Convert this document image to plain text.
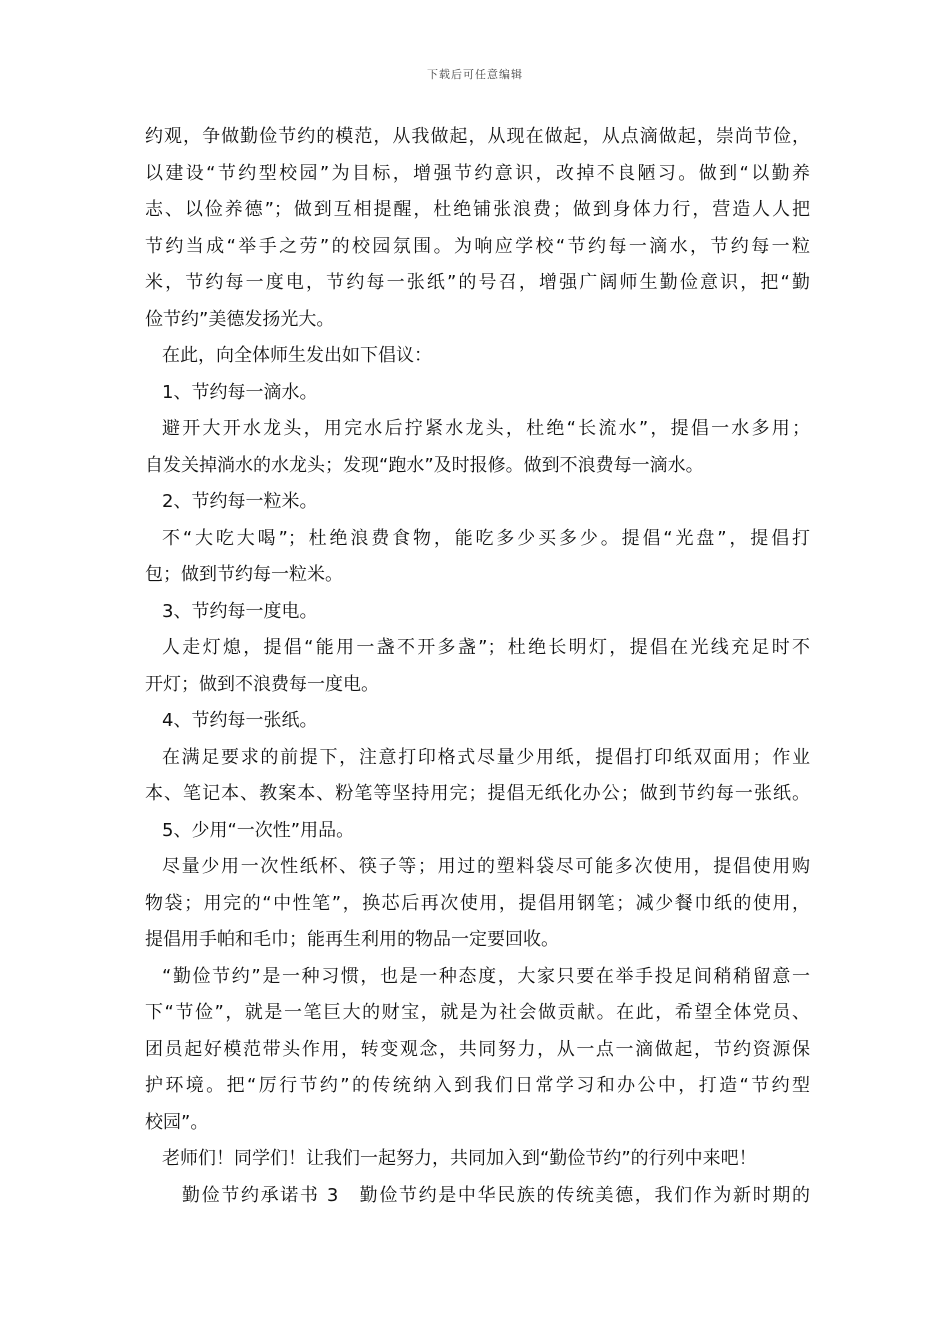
下载后可任意编辑
约观，争做勤俭节约的模范，从我做起，从现在做起，从点滴做起，崇尚节俭，
以建设“节约型校园”为目标，增强节约意识，改掉不良陋习。做到“以勤养
志、以俭养德”；做到互相提醒，杜绝铺张浪费；做到身体力行，营造人人把
节约当成“举手之劳”的校园氛围。为响应学校“节约每一滴水，节约每一粒
米，节约每一度电，节约每一张纸”的号召，增强广阔师生勤俭意识，把“勤
俭节约”美德发扬光大。
在此，向全体师生发出如下倡议：
1、节约每一滴水。
避开大开水龙头，用完水后拧紧水龙头，杜绝“长流水”，提倡一水多用；
自发关掉淌水的水龙头；发现“跑水”及时报修。做到不浪费每一滴水。
2、节约每一粒米。
不“大吃大喝”；杜绝浪费食物，能吃多少买多少。提倡“光盘”，提倡打
包；做到节约每一粒米。
3、节约每一度电。
人走灯熄，提倡“能用一盏不开多盏”；杜绝长明灯，提倡在光线充足时不
开灯；做到不浪费每一度电。
4、节约每一张纸。
在满足要求的前提下，注意打印格式尽量少用纸，提倡打印纸双面用；作业
本、笔记本、教案本、粉笔等坚持用完；提倡无纸化办公；做到节约每一张纸。
5、少用“一次性”用品。
尽量少用一次性纸杯、筷子等；用过的塑料袋尽可能多次使用，提倡使用购
物袋；用完的“中性笔”，换芯后再次使用，提倡用钢笔；减少餐巾纸的使用，
提倡用手帕和毛巾；能再生利用的物品一定要回收。
“勤俭节约”是一种习惯，也是一种态度，大家只要在举手投足间稍稍留意一
下“节俭”，就是一笔巨大的财宝，就是为社会做贡献。在此，希望全体党员、
团员起好模范带头作用，转变观念，共同努力，从一点一滴做起，节约资源保
护环境。把“厉行节约”的传统纳入到我们日常学习和办公中，打造“节约型
校园”。
老师们！同学们！让我们一起努力，共同加入到“勤俭节约”的行列中来吧！
勤俭节约承诺书 3　勤俭节约是中华民族的传统美德，我们作为新时期的
